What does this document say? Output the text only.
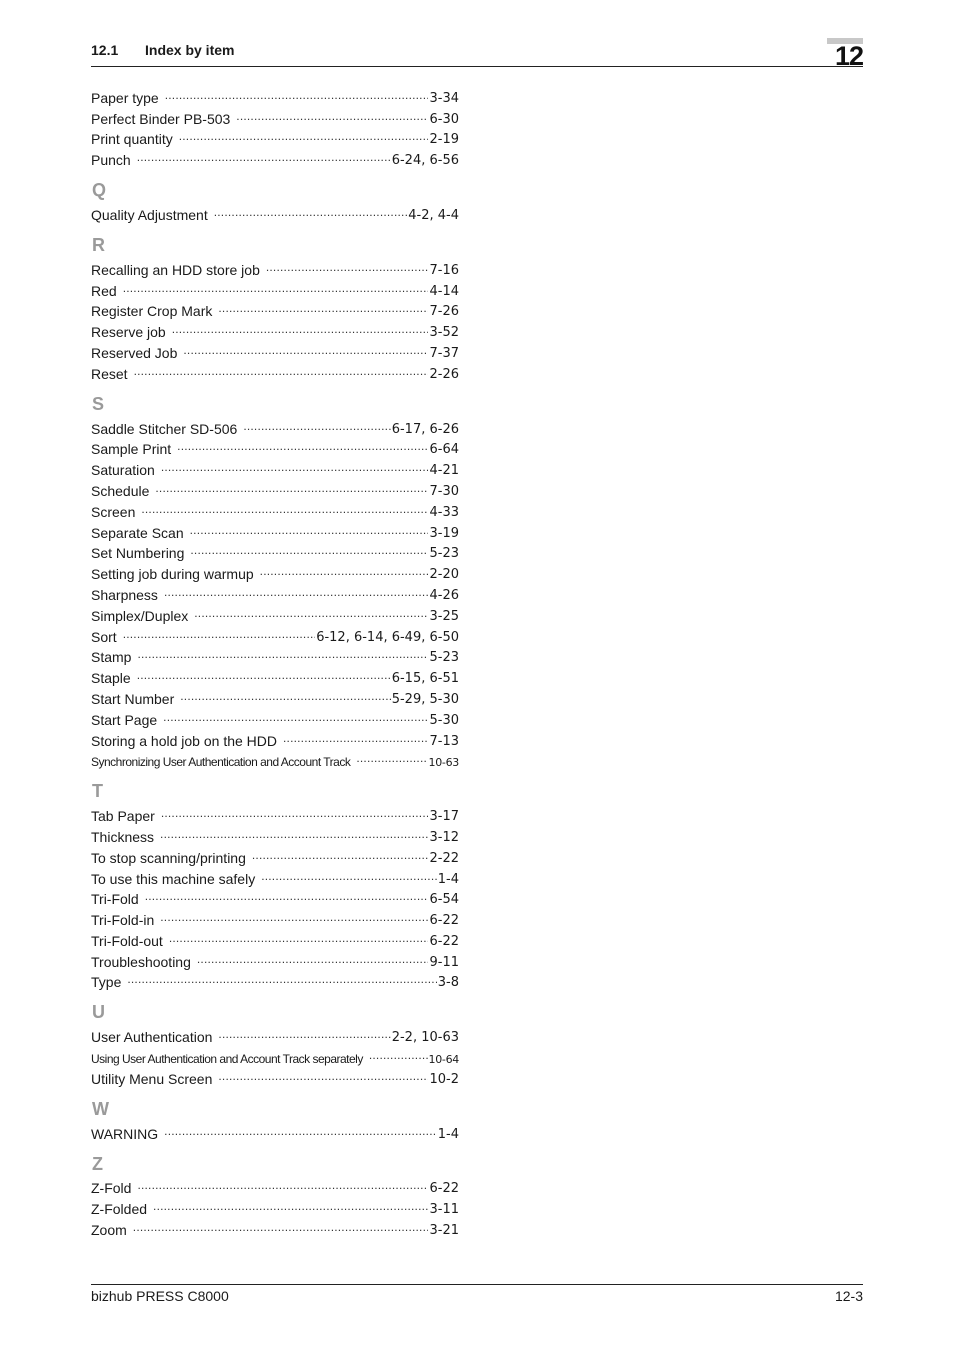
12.1 Index by item	12
Paper type .....	3-34
Perfect Binder PB-503 .....	6-30
Print quantity .....	2-19
Punch .....	6-24, 6-56
Q
Quality Adjustment .....	4-2, 4-4
R
Recalling an HDD store job .....	7-16
Red .....	4-14
Register Crop Mark .....	7-26
Reserve job .....	3-52
Reserved Job .....	7-37
Reset .....	2-26
S
Saddle Stitcher SD-506 .....	6-17, 6-26
Sample Print .....	6-64
Saturation .....	4-21
Schedule .....	7-30
Screen .....	4-33
Separate Scan .....	3-19
Set Numbering .....	5-23
Setting job during warmup .....	2-20
Sharpness .....	4-26
Simplex/Duplex .....	3-25
Sort .....	6-12, 6-14, 6-49, 6-50
Stamp .....	5-23
Staple .....	6-15, 6-51
Start Number .....	5-29, 5-30
Start Page .....	5-30
Storing a hold job on the HDD .....	7-13
Synchronizing User Authentication and Account Track .....	10-63
T
Tab Paper .....	3-17
Thickness .....	3-12
To stop scanning/printing .....	2-22
To use this machine safely .....	1-4
Tri-Fold .....	6-54
Tri-Fold-in .....	6-22
Tri-Fold-out .....	6-22
Troubleshooting .....	9-11
Type .....	3-8
U
User Authentication .....	2-2, 10-63
Using User Authentication and Account Track separately .....	10-64
Utility Menu Screen .....	10-2
W
WARNING .....	1-4
Z
Z-Fold .....	6-22
Z-Folded .....	3-11
Zoom .....	3-21
bizhub PRESS C8000	12-3
